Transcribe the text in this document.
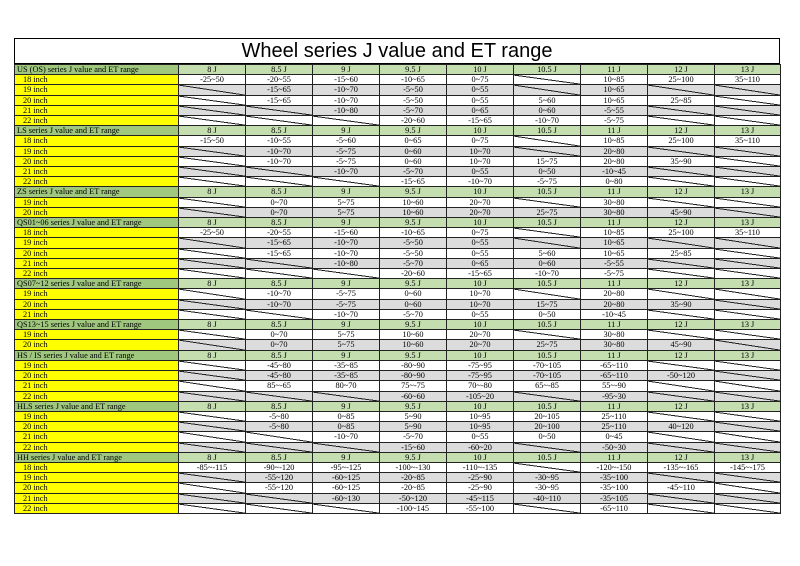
Wheel series J value and ET range
US (OS) series J value and ET range	8 J	8.5 J	9 J	9.5 J	10 J	10.5 J	11 J	12 J	13 J
18 inch	-25~50	-20~55	-15~60	-10~65	0~75		10~85	25~100	35~110
19 inch		-15~65	-10~70	-5~50	0~55		10~65		
20 inch		-15~65	-10~70	-5~50	0~55	5~60	10~65	25~85	
21 inch			-10~80	-5~70	0~65	0~60	-5~55		
22 inch				-20~60	-15~65	-10~70	-5~75		
LS series J value and ET range	8 J	8.5 J	9 J	9.5 J	10 J	10.5 J	11 J	12 J	13 J
18 inch	-15~50	-10~55	-5~60	0~65	0~75		10~85	25~100	35~110
19 inch		-10~70	-5~75	0~60	10~70		20~80		
20 inch		-10~70	-5~75	0~60	10~70	15~75	20~80	35~90	
21 inch			-10~70	-5~70	0~55	0~50	-10~45		
22 inch				-15~65	-10~70	-5~75	0~80		
ZS series J value and ET range	8 J	8.5 J	9 J	9.5 J	10 J	10.5 J	11 J	12 J	13 J
19 inch		0~70	5~75	10~60	20~70		30~80		
20 inch		0~70	5~75	10~60	20~70	25~75	30~80	45~90	
QS01~06 series J value and ET range	8 J	8.5 J	9 J	9.5 J	10 J	10.5 J	11 J	12 J	13 J
18 inch	-25~50	-20~55	-15~60	-10~65	0~75		10~85	25~100	35~110
19 inch		-15~65	-10~70	-5~50	0~55		10~65		
20 inch		-15~65	-10~70	-5~50	0~55	5~60	10~65	25~85	
21 inch			-10~80	-5~70	0~65	0~60	-5~55		
22 inch				-20~60	-15~65	-10~70	-5~75		
QS07~12 series J value and ET range	8 J	8.5 J	9 J	9.5 J	10 J	10.5 J	11 J	12 J	13 J
19 inch		-10~70	-5~75	0~60	10~70		20~80		
20 inch		-10~70	-5~75	0~60	10~70	15~75	20~80	35~90	
21 inch			-10~70	-5~70	0~55	0~50	-10~45		
QS13~15 series J value and ET range	8 J	8.5 J	9 J	9.5 J	10 J	10.5 J	11 J	12 J	13 J
19 inch		0~70	5~75	10~60	20~70		30~80		
20 inch		0~70	5~75	10~60	20~70	25~75	30~80	45~90	
HS / IS series J value and ET range	8 J	8.5 J	9 J	9.5 J	10 J	10.5 J	11 J	12 J	13 J
19 inch		-45~80	-35~85	-80~90	-75~95	-70~105	-65~110		
20 inch		-45~80	-35~85	-80~90	-75~95	-70~105	-65~110	-50~120	
21 inch		85~-65	80~70	75~-75	70~-80	65~-85	55~-90		
22 inch				-60~60	-105~20		-95~30		
HLS series J value and ET range	8 J	8.5 J	9 J	9.5 J	10 J	10.5 J	11 J	12 J	13 J
19 inch		-5~80	0~85	5~90	10~95	20~105	25~110		
20 inch		-5~80	0~85	5~90	10~95	20~100	25~110	40~120	
21 inch			-10~70	-5~70	0~55	0~50	0~45		
22 inch				-15~60	-60~20		-50~30		
HH series J value and ET range	8 J	8.5 J	9 J	9.5 J	10 J	10.5 J	11 J	12 J	13 J
18 inch	-85~-115	-90~-120	-95~-125	-100~-130	-110~-135		-120~-150	-135~-165	-145~-175
19 inch		-55~120	-60~125	-20~85	-25~90	-30~95	-35~100		
20 inch		-55~120	-60~125	-20~85	-25~90	-30~95	-35~100	-45~110	
21 inch			-60~130	-50~120	-45~115	-40~110	-35~105		
22 inch				-100~145	-55~100		-65~110		
